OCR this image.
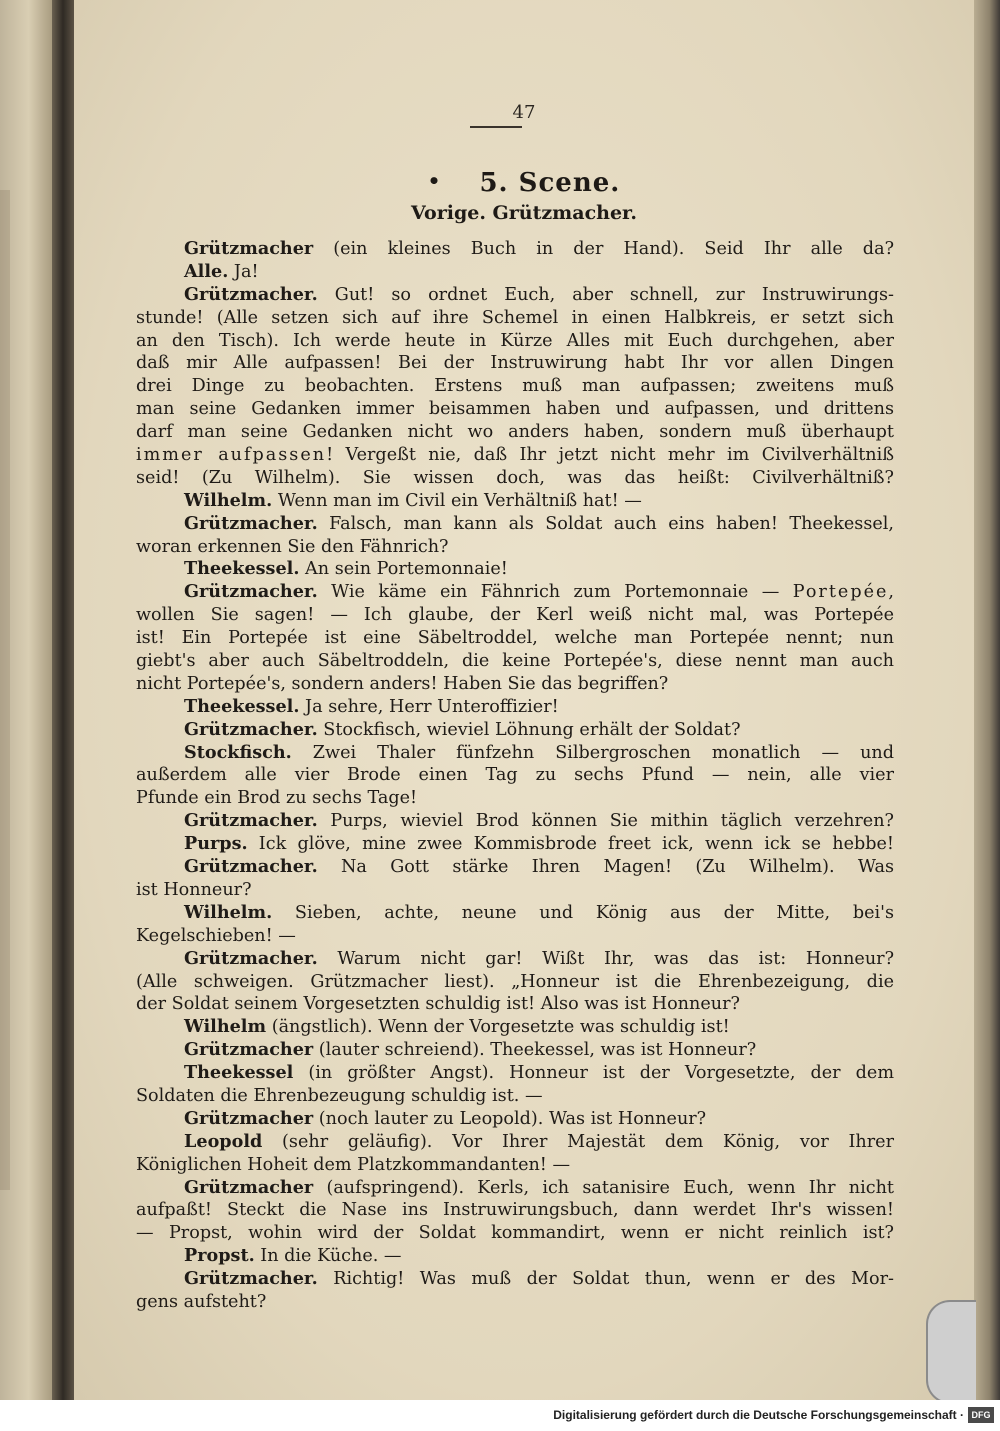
47
• 5. Scene.
Vorige. Grützmacher.
Grützmacher (ein kleines Buch in der Hand). Seid Ihr alle da?
Alle. Ja!
Grützmacher. Gut! so ordnet Euch, aber schnell, zur Instruwirungs-
stunde! (Alle setzen sich auf ihre Schemel in einen Halbkreis, er setzt sich
an den Tisch). Ich werde heute in Kürze Alles mit Euch durchgehen, aber
daß mir Alle aufpassen! Bei der Instruwirung habt Ihr vor allen Dingen
drei Dinge zu beobachten. Erstens muß man aufpassen; zweitens muß
man seine Gedanken immer beisammen haben und aufpassen, und drittens
darf man seine Gedanken nicht wo anders haben, sondern muß überhaupt
immer aufpassen! Vergeßt nie, daß Ihr jetzt nicht mehr im Civilverhältniß
seid! (Zu Wilhelm). Sie wissen doch, was das heißt: Civilverhältniß?
Wilhelm. Wenn man im Civil ein Verhältniß hat! —
Grützmacher. Falsch, man kann als Soldat auch eins haben! Theekessel,
woran erkennen Sie den Fähnrich?
Theekessel. An sein Portemonnaie!
Grützmacher. Wie käme ein Fähnrich zum Portemonnaie — Portepée,
wollen Sie sagen! — Ich glaube, der Kerl weiß nicht mal, was Portepée
ist! Ein Portepée ist eine Säbeltroddel, welche man Portepée nennt; nun
giebt's aber auch Säbeltroddeln, die keine Portepée's, diese nennt man auch
nicht Portepée's, sondern anders! Haben Sie das begriffen?
Theekessel. Ja sehre, Herr Unteroffizier!
Grützmacher. Stockfisch, wieviel Löhnung erhält der Soldat?
Stockfisch. Zwei Thaler fünfzehn Silbergroschen monatlich — und
außerdem alle vier Brode einen Tag zu sechs Pfund — nein, alle vier
Pfunde ein Brod zu sechs Tage!
Grützmacher. Purps, wieviel Brod können Sie mithin täglich verzehren?
Purps. Ick glöve, mine zwee Kommisbrode freet ick, wenn ick se hebbe!
Grützmacher. Na Gott stärke Ihren Magen! (Zu Wilhelm). Was
ist Honneur?
Wilhelm. Sieben, achte, neune und König aus der Mitte, bei's
Kegelschieben! —
Grützmacher. Warum nicht gar! Wißt Ihr, was das ist: Honneur?
(Alle schweigen. Grützmacher liest). „Honneur ist die Ehrenbezeigung, die
der Soldat seinem Vorgesetzten schuldig ist! Also was ist Honneur?
Wilhelm (ängstlich). Wenn der Vorgesetzte was schuldig ist!
Grützmacher (lauter schreiend). Theekessel, was ist Honneur?
Theekessel (in größter Angst). Honneur ist der Vorgesetzte, der dem
Soldaten die Ehrenbezeugung schuldig ist. —
Grützmacher (noch lauter zu Leopold). Was ist Honneur?
Leopold (sehr geläufig). Vor Ihrer Majestät dem König, vor Ihrer
Königlichen Hoheit dem Platzkommandanten! —
Grützmacher (aufspringend). Kerls, ich satanisire Euch, wenn Ihr nicht
aufpaßt! Steckt die Nase ins Instruwirungsbuch, dann werdet Ihr's wissen!
— Propst, wohin wird der Soldat kommandirt, wenn er nicht reinlich ist?
Propst. In die Küche. —
Grützmacher. Richtig! Was muß der Soldat thun, wenn er des Mor-
gens aufsteht?
Digitalisierung gefördert durch die Deutsche Forschungsgemeinschaft · DFG
